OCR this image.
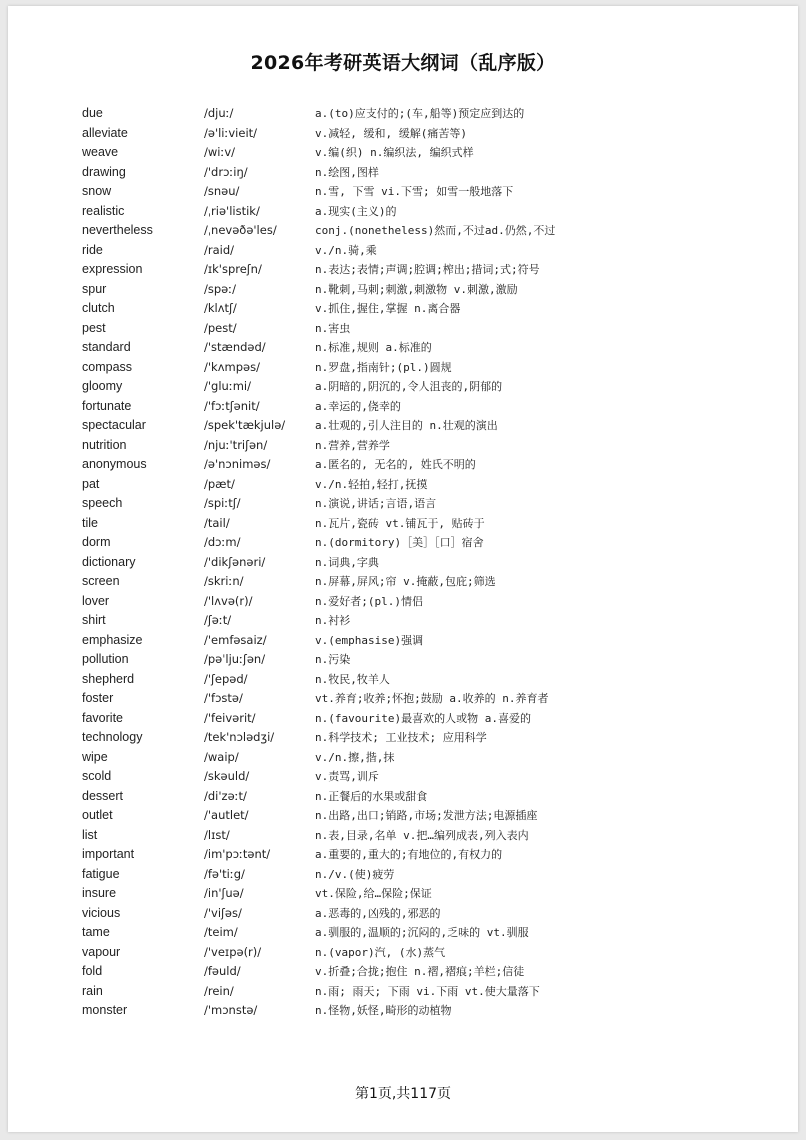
2026年考研英语大纲词（乱序版）
due	/djuː/	a.(to)应支付的;(车,船等)预定应到达的
alleviate	/ə'liːvieit/	v.减轻, 缓和, 缓解(痛苦等)
weave	/wiːv/	v.编(织) n.编织法, 编织式样
drawing	/'drɔːiŋ/	n.绘图,图样
snow	/snəu/	n.雪, 下雪 vi.下雪; 如雪一般地落下
realistic	/ˌriə'listik/	a.现实(主义)的
nevertheless	/ˌnevəðə'les/	conj.(nonetheless)然而,不过ad.仍然,不过
ride	/raid/	v./n.骑,乘
expression	/ɪk'spreʃn/	n.表达;表情;声调;腔调;榨出;措词;式;符号
spur	/spəː/	n.靴刺,马刺;刺激,刺激物 v.刺激,激励
clutch	/klʌtʃ/	v.抓住,握住,掌握 n.离合器
pest	/pest/	n.害虫
standard	/'stændəd/	n.标准,规则 a.标准的
compass	/'kʌmpəs/	n.罗盘,指南针;(pl.)圆规
gloomy	/'gluːmi/	a.阴暗的,阴沉的,令人沮丧的,阴郁的
fortunate	/'fɔːtʃənit/	a.幸运的,侥幸的
spectacular	/spek'tækjulə/	a.壮观的,引人注目的 n.壮观的演出
nutrition	/njuː'triʃən/	n.营养,营养学
anonymous	/ə'nɔniməs/	a.匿名的, 无名的, 姓氏不明的
pat	/pæt/	v./n.轻拍,轻打,抚摸
speech	/spiːtʃ/	n.演说,讲话;言语,语言
tile	/tail/	n.瓦片,瓷砖 vt.铺瓦于, 贴砖于
dorm	/dɔːm/	n.(dormitory)［美］［口］宿舍
dictionary	/'dikʃənəri/	n.词典,字典
screen	/skriːn/	n.屏幕,屏风;帘 v.掩蔽,包庇;筛选
lover	/'lʌvə(r)/	n.爱好者;(pl.)情侣
shirt	/ʃəːt/	n.衬衫
emphasize	/'emfəsaiz/	v.(emphasise)强调
pollution	/pəˈljuːʃən/	n.污染
shepherd	/'ʃepəd/	n.牧民,牧羊人
foster	/'fɔstə/	vt.养育;收养;怀抱;鼓励 a.收养的 n.养育者
favorite	/'feivərit/	n.(favourite)最喜欢的人或物 a.喜爱的
technology	/tek'nɔlədʒi/	n.科学技术; 工业技术; 应用科学
wipe	/waip/	v./n.擦,揩,抹
scold	/skəuld/	v.责骂,训斥
dessert	/di'zəːt/	n.正餐后的水果或甜食
outlet	/'autlet/	n.出路,出口;销路,市场;发泄方法;电源插座
list	/lɪst/	n.表,目录,名单 v.把…编列成表,列入表内
important	/im'pɔːtənt/	a.重要的,重大的;有地位的,有权力的
fatigue	/fə'tiːg/	n./v.(使)疲劳
insure	/in'ʃuə/	vt.保险,给…保险;保证
vicious	/'viʃəs/	a.恶毒的,凶残的,邪恶的
tame	/teim/	a.驯服的,温顺的;沉闷的,乏味的 vt.驯服
vapour	/'veɪpə(r)/	n.(vapor)汽, (水)蒸气
fold	/fəuld/	v.折叠;合拢;抱住 n.褶,褶痕;羊栏;信徒
rain	/rein/	n.雨; 雨天; 下雨 vi.下雨 vt.使大量落下
monster	/'mɔnstə/	n.怪物,妖怪,畸形的动植物
第1页,共117页
